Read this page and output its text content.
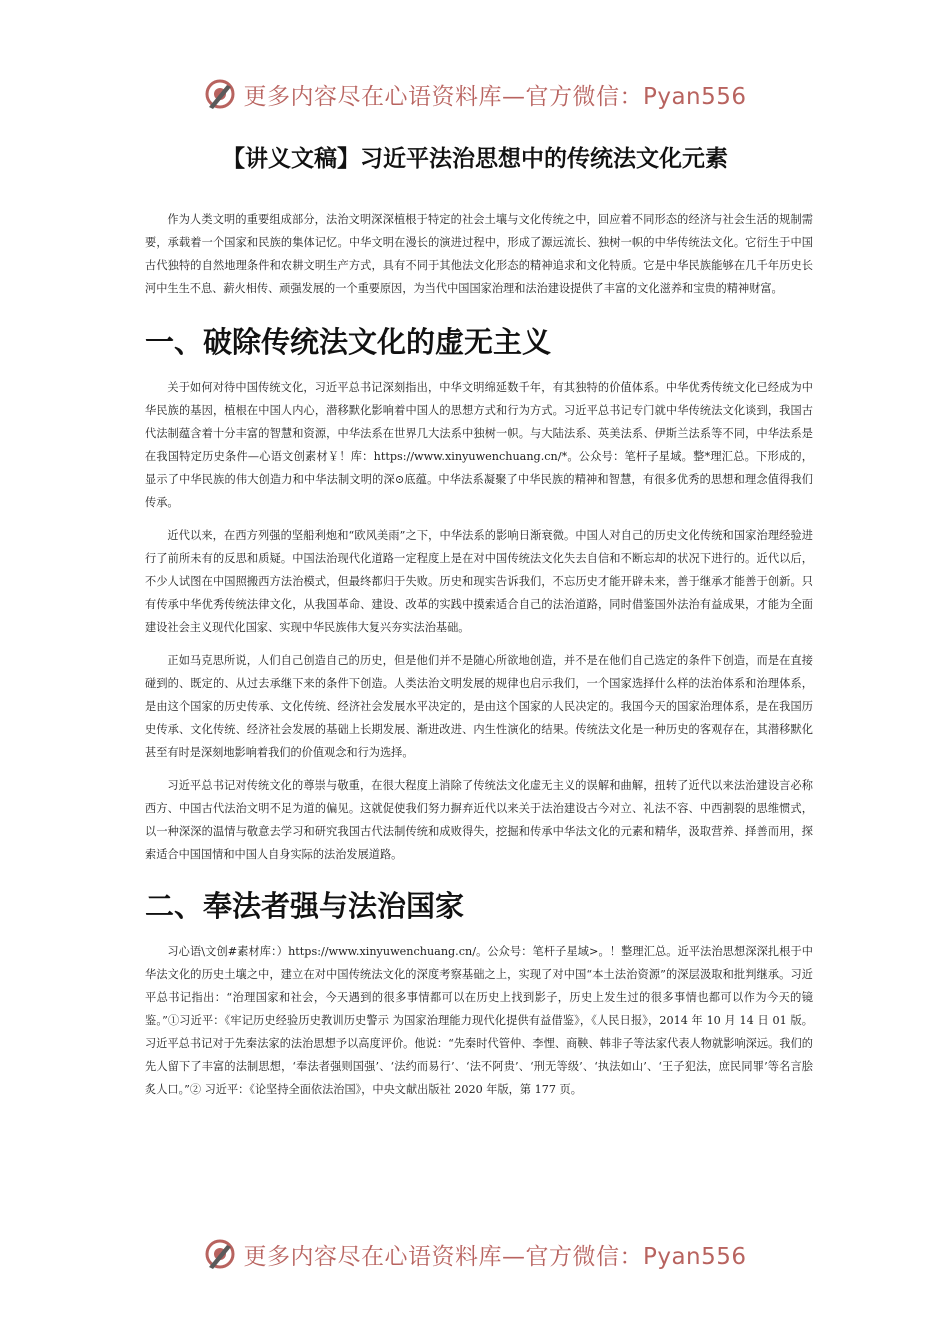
更多内容尽在心语资料库—官方微信：Pyan556
【讲义文稿】习近平法治思想中的传统法文化元素

作为人类文明的重要组成部分，法治文明深深植根于特定的社会土壤与文化传统之中，回应着不同形态的经济与社会生活的规制需要，承载着一个国家和民族的集体记忆。中华文明在漫长的演进过程中，形成了源远流长、独树一帜的中华传统法文化。它衍生于中国古代独特的自然地理条件和农耕文明生产方式，具有不同于其他法文化形态的精神追求和文化特质。它是中华民族能够在几千年历史长河中生生不息、薪火相传、顽强发展的一个重要原因，为当代中国国家治理和法治建设提供了丰富的文化滋养和宝贵的精神财富。

一、破除传统法文化的虚无主义

关于如何对待中国传统文化，习近平总书记深刻指出，中华文明绵延数千年，有其独特的价值体系。中华优秀传统文化已经成为中华民族的基因，植根在中国人内心，潜移默化影响着中国人的思想方式和行为方式。习近平总书记专门就中华传统法文化谈到，我国古代法制蕴含着十分丰富的智慧和资源，中华法系在世界几大法系中独树一帜。与大陆法系、英美法系、伊斯兰法系等不同，中华法系是在我国特定历史条件—心语文创素材￥！库：https://www.xinyuwenchuang.cn/*。公众号：笔杆子星域。整*理汇总。下形成的，显示了中华民族的伟大创造力和中华法制文明的深⊙底蕴。中华法系凝聚了中华民族的精神和智慧，有很多优秀的思想和理念值得我们传承。

近代以来，在西方列强的坚船利炮和“欧风美雨”之下，中华法系的影响日渐衰微。中国人对自己的历史文化传统和国家治理经验进行了前所未有的反思和质疑。中国法治现代化道路一定程度上是在对中国传统法文化失去自信和不断忘却的状况下进行的。近代以后，不少人试图在中国照搬西方法治模式，但最终都归于失败。历史和现实告诉我们，不忘历史才能开辟未来，善于继承才能善于创新。只有传承中华优秀传统法律文化，从我国革命、建设、改革的实践中摸索适合自己的法治道路，同时借鉴国外法治有益成果，才能为全面建设社会主义现代化国家、实现中华民族伟大复兴夯实法治基础。

正如马克思所说，人们自己创造自己的历史，但是他们并不是随心所欲地创造，并不是在他们自己选定的条件下创造，而是在直接碰到的、既定的、从过去承继下来的条件下创造。人类法治文明发展的规律也启示我们，一个国家选择什么样的法治体系和治理体系，是由这个国家的历史传承、文化传统、经济社会发展水平决定的，是由这个国家的人民决定的。我国今天的国家治理体系，是在我国历史传承、文化传统、经济社会发展的基础上长期发展、渐进改进、内生性演化的结果。传统法文化是一种历史的客观存在，其潜移默化甚至有时是深刻地影响着我们的价值观念和行为选择。

习近平总书记对传统文化的尊崇与敬重，在很大程度上消除了传统法文化虚无主义的误解和曲解，扭转了近代以来法治建设言必称西方、中国古代法治文明不足为道的偏见。这就促使我们努力摒弃近代以来关于法治建设古今对立、礼法不容、中西割裂的思维惯式，以一种深深的温情与敬意去学习和研究我国古代法制传统和成败得失，挖掘和传承中华法文化的元素和精华，汲取营养、择善而用，探索适合中国国情和中国人自身实际的法治发展道路。

二、奉法者强与法治国家

习心语\文创#素材库：）https://www.xinyuwenchuang.cn/。公众号：笔杆子星域>。！整理汇总。近平法治思想深深扎根于中华法文化的历史土壤之中，建立在对中国传统法文化的深度考察基础之上，实现了对中国“本土法治资源”的深层汲取和批判继承。习近平总书记指出：“治理国家和社会，今天遇到的很多事情都可以在历史上找到影子，历史上发生过的很多事情也都可以作为今天的镜鉴。”①习近平：《牢记历史经验历史教训历史警示 为国家治理能力现代化提供有益借鉴》，《人民日报》，2014 年 10 月 14 日 01 版。习近平总书记对于先秦法家的法治思想予以高度评价。他说：“先秦时代管仲、李悝、商鞅、韩非子等法家代表人物就影响深远。我们的先人留下了丰富的法制思想，‘奉法者强则国强’、‘法约而易行’、‘法不阿贵’、‘刑无等级’、‘执法如山’、‘王子犯法，庶民同罪’等名言脍炙人口。”② 习近平：《论坚持全面依法治国》，中央文献出版社 2020 年版，第 177 页。

更多内容尽在心语资料库—官方微信：Pyan556
